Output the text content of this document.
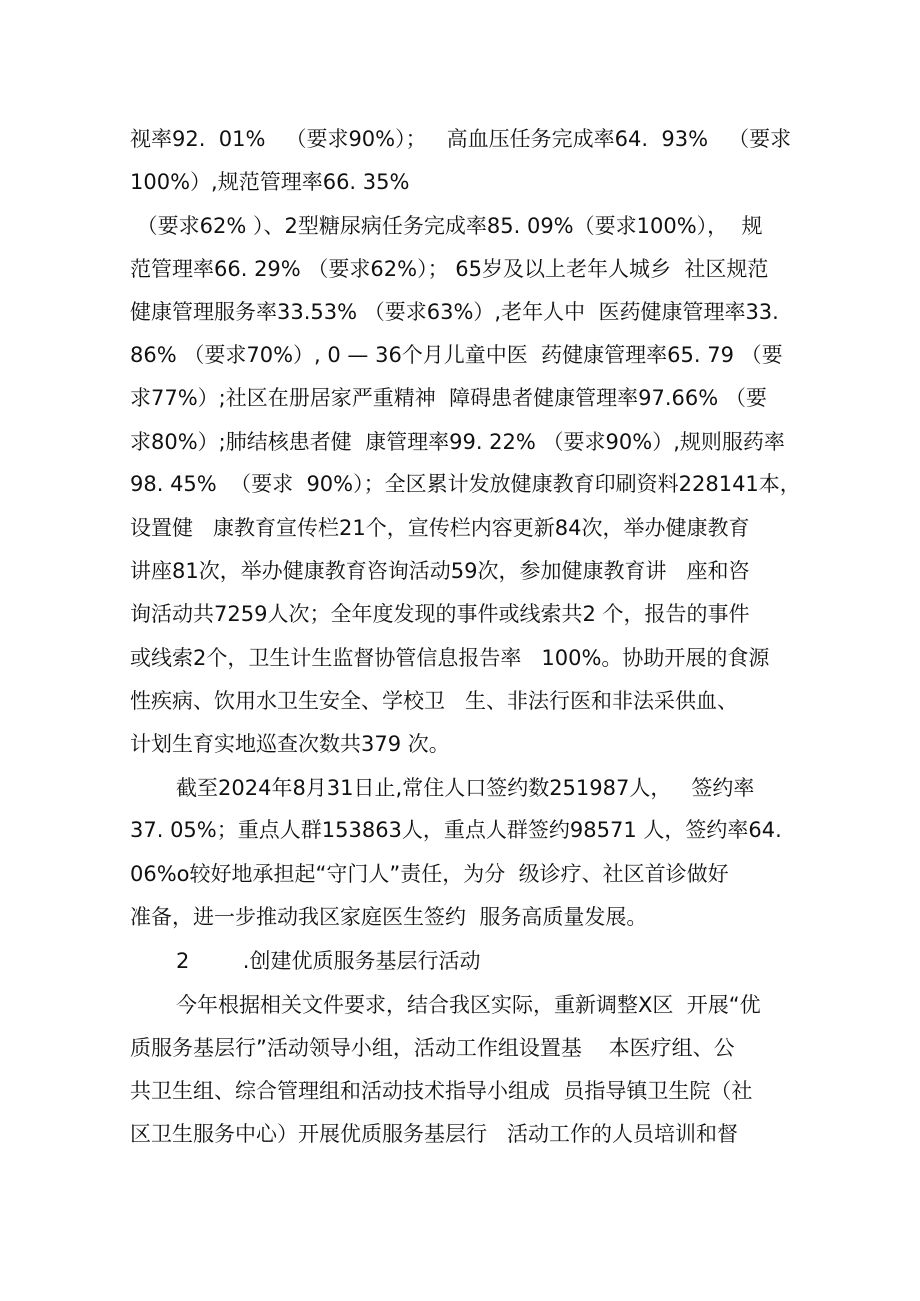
视率92.  01%   （要求90%）；   高血压任务完成率64.  93%   （要求
100%）,规范管理率66. 35%
（要求62% ）、2型糖尿病任务完成率85. 09%（要求100%），  规
范管理率66. 29% （要求62%）； 65岁及以上老年人城乡  社区规范
健康管理服务率33.53% （要求63%）,老年人中  医药健康管理率33.
86% （要求70%）, 0 — 36个月儿童中医  药健康管理率65. 79 （要
求77%）;社区在册居家严重精神  障碍患者健康管理率97.66% （要
求80%）;肺结核患者健  康管理率99. 22% （要求90%）,规则服药率
98. 45%  （要求  90%）；全区累计发放健康教育印刷资料228141本，
设置健   康教育宣传栏21个，宣传栏内容更新84次，举办健康教育
讲座81次，举办健康教育咨询活动59次，参加健康教育讲   座和咨
询活动共7259人次；全年度发现的事件或线索共2 个，报告的事件
或线索2个，卫生计生监督协管信息报告率   100%。协助开展的食源
性疾病、饮用水卫生安全、学校卫   生、非法行医和非法采供血、
计划生育实地巡查次数共379 次。
截至2024年8月31日止,常住人口签约数251987人，   签约率
37. 05%；重点人群153863人，重点人群签约98571 人，签约率64.
06%o较好地承担起“守门人”责任，为分  级诊疗、社区首诊做好
准备，进一步推动我区家庭医生签约  服务高质量发展。
2        .创建优质服务基层行活动
今年根据相关文件要求，结合我区实际，重新调整X区  开展“优
质服务基层行”活动领导小组，活动工作组设置基    本医疗组、公
共卫生组、综合管理组和活动技术指导小组成  员指导镇卫生院（社
区卫生服务中心）开展优质服务基层行   活动工作的人员培训和督
